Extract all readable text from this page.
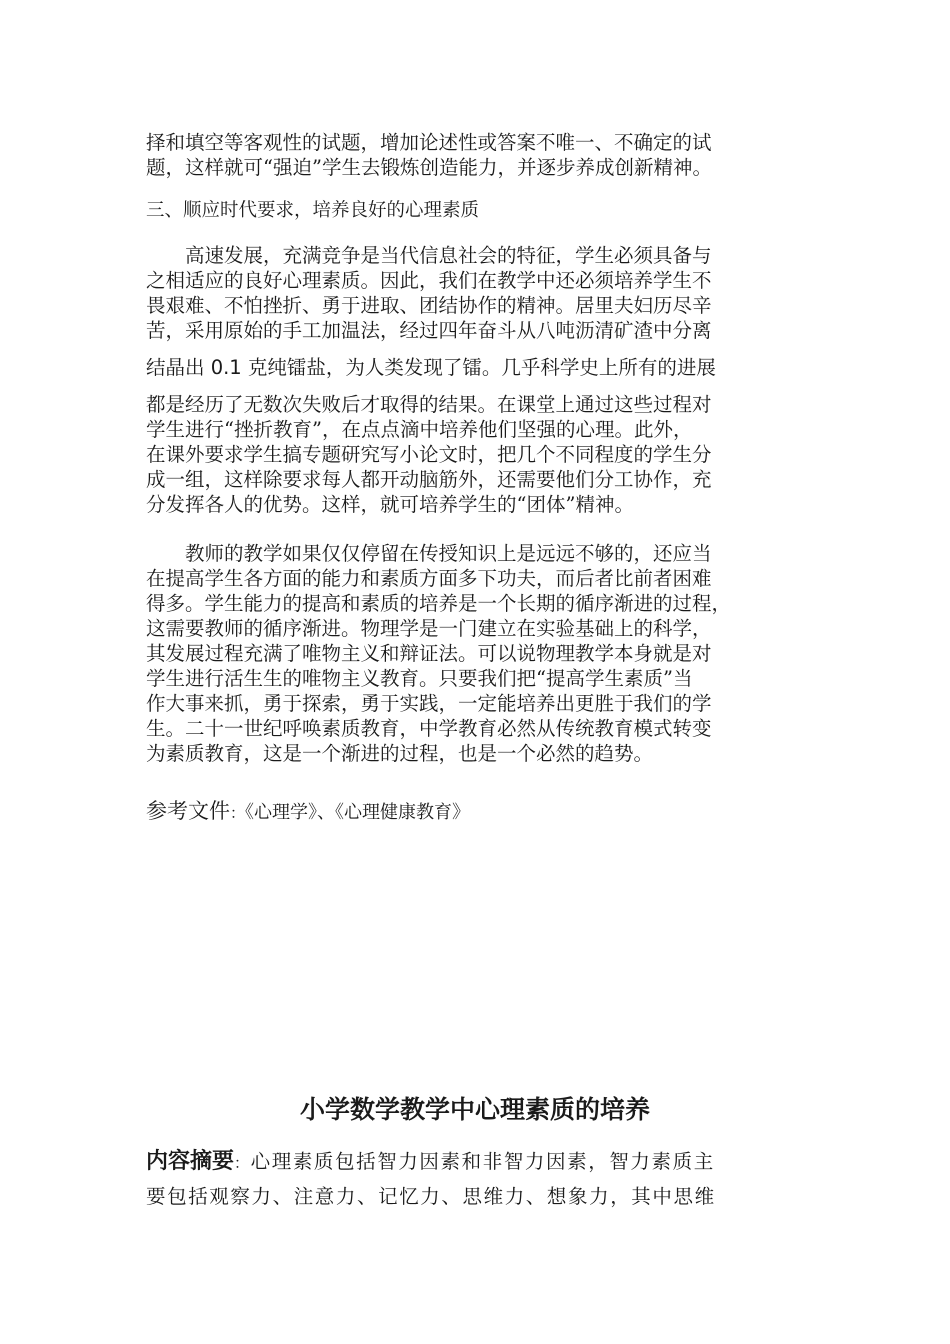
择和填空等客观性的试题，增加论述性或答案不唯一、不确定的试
题，这样就可“强迫”学生去锻炼创造能力，并逐步养成创新精神。
三、顺应时代要求，培养良好的心理素质
　　高速发展，充满竞争是当代信息社会的特征，学生必须具备与
之相适应的良好心理素质。因此，我们在教学中还必须培养学生不
畏艰难、不怕挫折、勇于进取、团结协作的精神。居里夫妇历尽辛
苦，采用原始的手工加温法，经过四年奋斗从八吨沥清矿渣中分离
结晶出 0.1 克纯镭盐，为人类发现了镭。几乎科学史上所有的进展
都是经历了无数次失败后才取得的结果。在课堂上通过这些过程对
学生进行“挫折教育”，在点点滴中培养他们坚强的心理。此外，
在课外要求学生搞专题研究写小论文时，把几个不同程度的学生分
成一组，这样除要求每人都开动脑筋外，还需要他们分工协作，充
分发挥各人的优势。这样，就可培养学生的“团体”精神。
　　教师的教学如果仅仅停留在传授知识上是远远不够的，还应当
在提高学生各方面的能力和素质方面多下功夫，而后者比前者困难
得多。学生能力的提高和素质的培养是一个长期的循序渐进的过程，
这需要教师的循序渐进。物理学是一门建立在实验基础上的科学，
其发展过程充满了唯物主义和辩证法。可以说物理教学本身就是对
学生进行活生生的唯物主义教育。只要我们把“提高学生素质”当
作大事来抓，勇于探索，勇于实践，一定能培养出更胜于我们的学
生。二十一世纪呼唤素质教育，中学教育必然从传统教育模式转变
为素质教育，这是一个渐进的过程，也是一个必然的趋势。
参考文件：《心理学》、《心理健康教育》
小学数学教学中心理素质的培养
内容摘要：心理素质包括智力因素和非智力因素，智力素质主
要包括观察力、注意力、记忆力、思维力、想象力，其中思维
